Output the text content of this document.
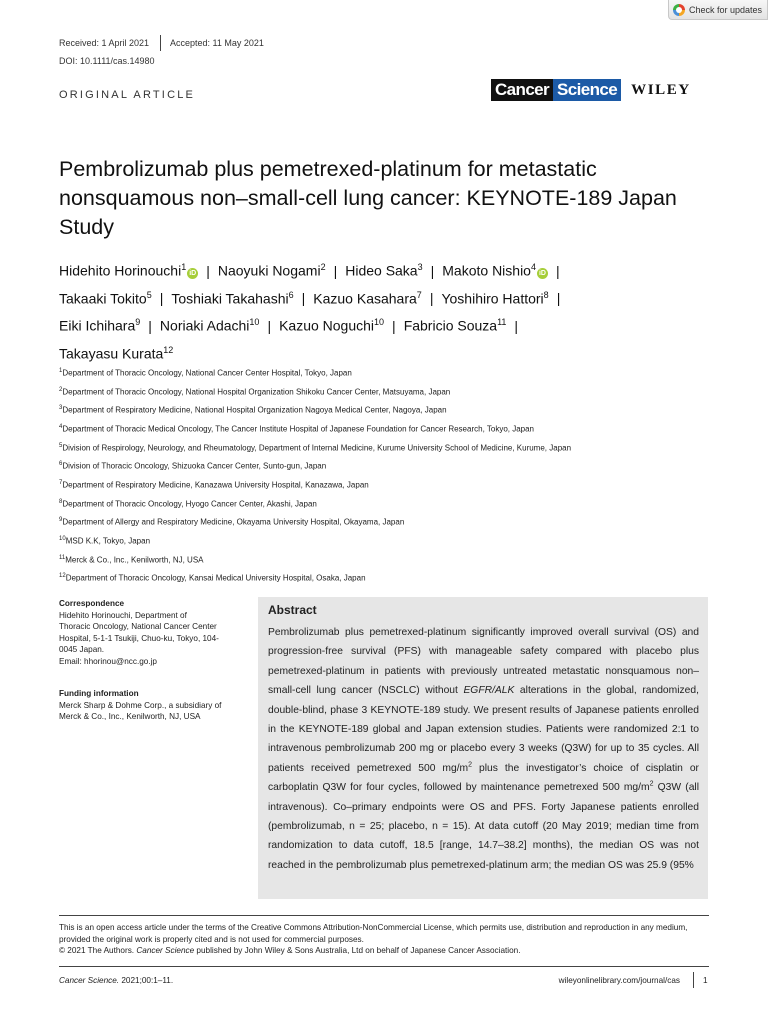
Check for updates
Received: 1 April 2021 Accepted: 11 May 2021
DOI: 10.1111/cas.14980
ORIGINAL ARTICLE	Cancer Science WILEY
Pembrolizumab plus pemetrexed-platinum for metastatic nonsquamous non–small-cell lung cancer: KEYNOTE-189 Japan Study
Hidehito Horinouchi$^1$iD | Naoyuki Nogami$^2$ | Hideo Saka$^3$ | Makoto Nishio$^4$iD |
Takaaki Tokito$^5$ | Toshiaki Takahashi$^6$ | Kazuo Kasahara$^7$ | Yoshihiro Hattori$^8$ |
Eiki Ichihara$^9$ | Noriaki Adachi$^{10}$ | Kazuo Noguchi$^{10}$ | Fabricio Souza$^{11}$ |
Takayasu Kurata$^{12}$
$^1$Department of Thoracic Oncology, National Cancer Center Hospital, Tokyo, Japan
$^2$Department of Thoracic Oncology, National Hospital Organization Shikoku Cancer Center, Matsuyama, Japan
$^3$Department of Respiratory Medicine, National Hospital Organization Nagoya Medical Center, Nagoya, Japan
$^4$Department of Thoracic Medical Oncology, The Cancer Institute Hospital of Japanese Foundation for Cancer Research, Tokyo, Japan
$^5$Division of Respirology, Neurology, and Rheumatology, Department of Internal Medicine, Kurume University School of Medicine, Kurume, Japan
$^6$Division of Thoracic Oncology, Shizuoka Cancer Center, Sunto-gun, Japan
$^7$Department of Respiratory Medicine, Kanazawa University Hospital, Kanazawa, Japan
$^8$Department of Thoracic Oncology, Hyogo Cancer Center, Akashi, Japan
$^9$Department of Allergy and Respiratory Medicine, Okayama University Hospital, Okayama, Japan
$^{10}$MSD K.K, Tokyo, Japan
$^{11}$Merck & Co., Inc., Kenilworth, NJ, USA
$^{12}$Department of Thoracic Oncology, Kansai Medical University Hospital, Osaka, Japan
Correspondence
Hidehito Horinouchi, Department of
Thoracic Oncology, National Cancer Center
Hospital, 5-1-1 Tsukiji, Chuo-ku, Tokyo, 104-
0045 Japan.
Email: hhorinou@ncc.go.jp
Funding information
Merck Sharp & Dohme Corp., a subsidiary of
Merck & Co., Inc., Kenilworth, NJ, USA
Abstract
Pembrolizumab plus pemetrexed-platinum significantly improved overall survival (OS) and progression-free survival (PFS) with manageable safety compared with placebo plus pemetrexed-platinum in patients with previously untreated metastatic nonsquamous non–small-cell lung cancer (NSCLC) without EGFR/ALK alterations in the global, randomized, double-blind, phase 3 KEYNOTE-189 study. We present results of Japanese patients enrolled in the KEYNOTE-189 global and Japan extension studies. Patients were randomized 2:1 to intravenous pembrolizumab 200 mg or placebo every 3 weeks (Q3W) for up to 35 cycles. All patients received pemetrexed 500 $mg/m^2$ plus the investigator’s choice of cisplatin or carboplatin Q3W for four cycles, followed by maintenance pemetrexed 500 $mg/m^2$ Q3W (all intravenous). Co–primary endpoints were OS and PFS. Forty Japanese patients enrolled (pembrolizumab, n = 25; placebo, n = 15). At data cutoff (20 May 2019; median time from randomization to data cutoff, 18.5 [range, 14.7–38.2] months), the median OS was not reached in the pembrolizumab plus pemetrexed-platinum arm; the median OS was 25.9 (95%
This is an open access article under the terms of the Creative Commons Attribution-NonCommercial License, which permits use, distribution and reproduction in any medium, provided the original work is properly cited and is not used for commercial purposes.
© 2021 The Authors. Cancer Science published by John Wiley & Sons Australia, Ltd on behalf of Japanese Cancer Association.
Cancer Science. 2021;00:1–11.	wileyonlinelibrary.com/journal/cas	1
